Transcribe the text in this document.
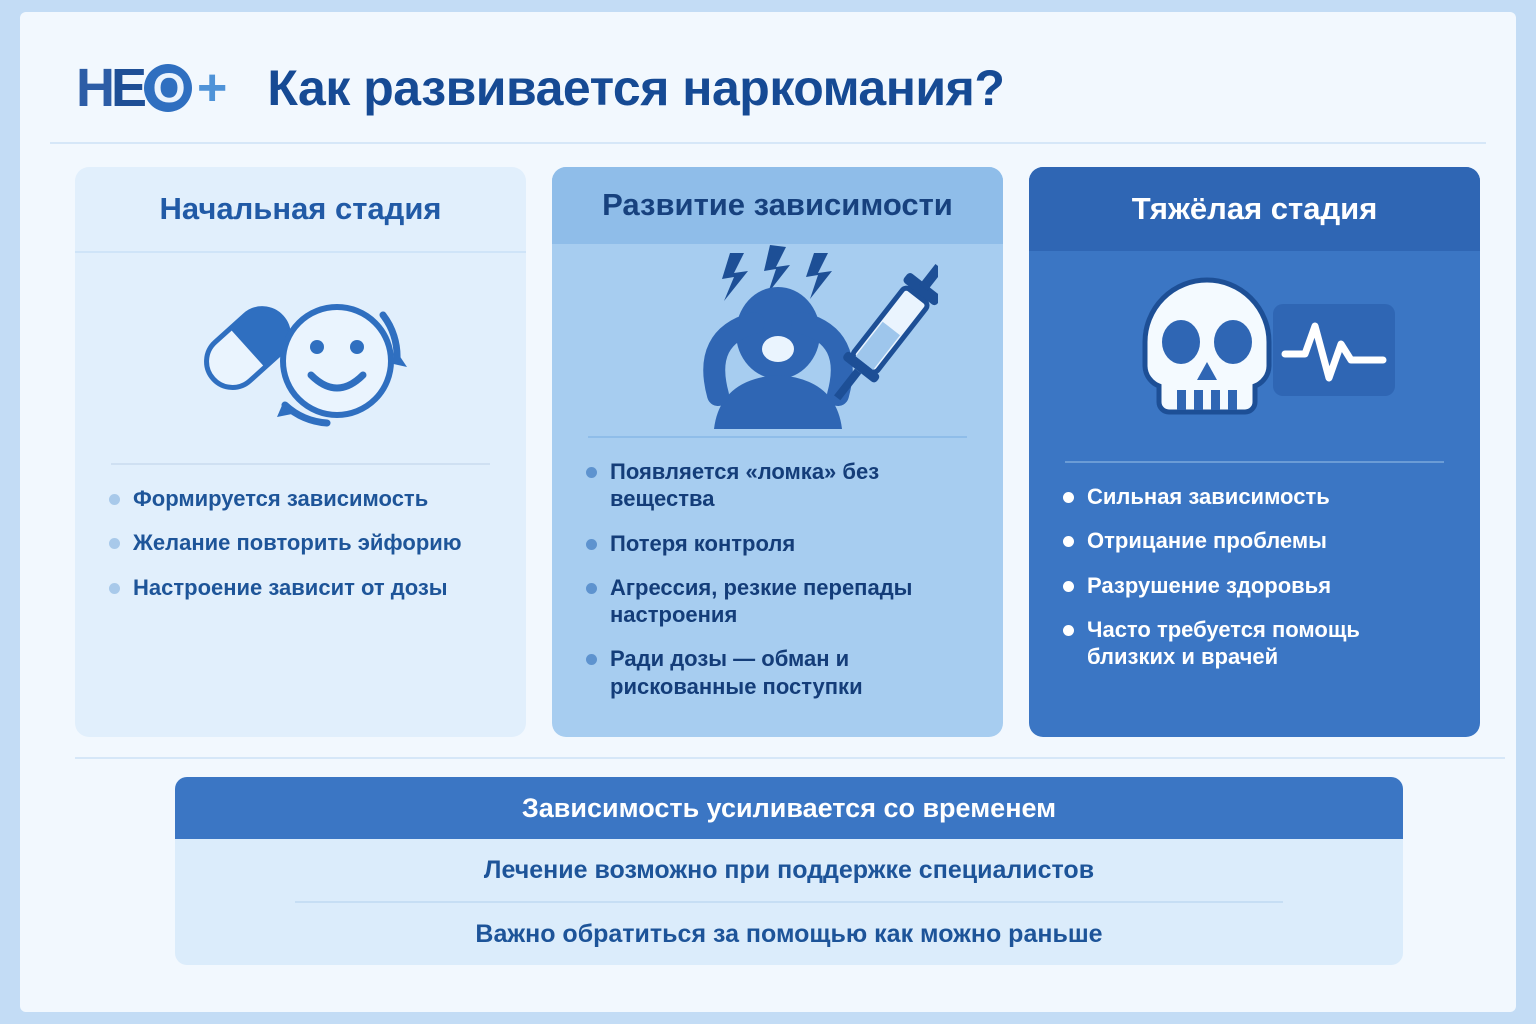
H
E O + Как развивается наркомания?
Начальная стадия
Формируется зависимость
Желание повторить эйфорию
Настроение зависит от дозы
Развитие зависимости
Появляется «ломка» без вещества
Потеря контроля
Агрессия, резкие перепады настроения
Ради дозы — обман и рискованные поступки
Тяжёлая стадия
Сильная зависимость
Отрицание проблемы
Разрушение здоровья
Часто требуется помощь близких и врачей
Зависимость усиливается со временем
Лечение возможно при поддержке специалистов
Важно обратиться за помощью как можно раньше
